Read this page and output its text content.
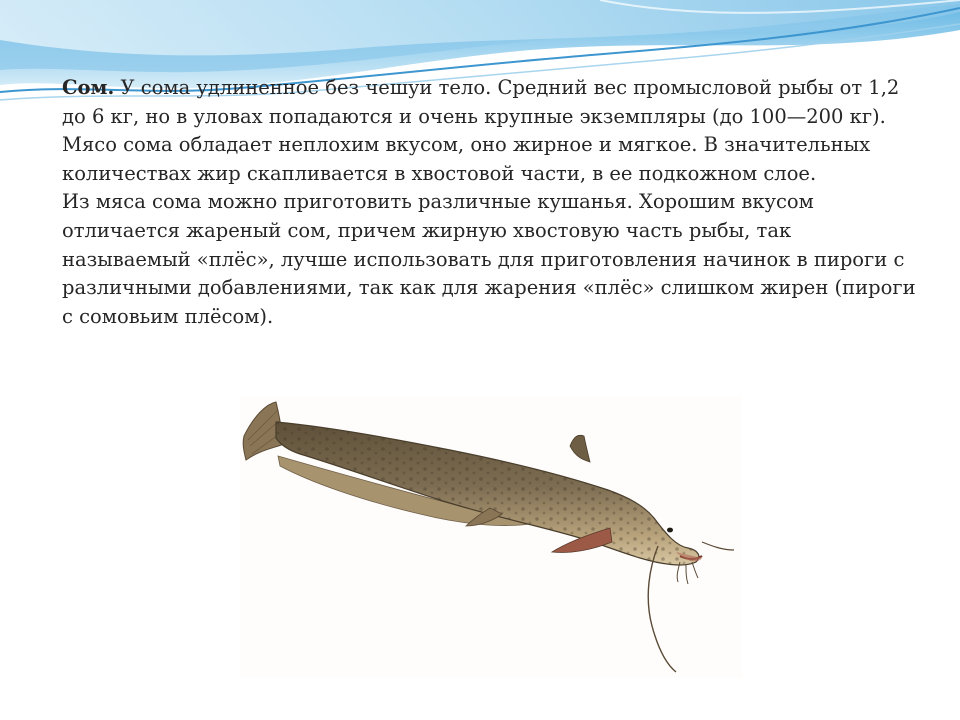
Сом. У сома удлиненное без чешуи тело. Средний вес промысловой рыбы от 1,2 до 6 кг, но в уловах попадаются и очень крупные экземпляры (до 100—200 кг).

Мясо сома обладает неплохим вкусом, оно жирное и мягкое. В значительных количествах жир скапливается в хвостовой части, в ее подкожном слое.

Из мяса сома можно приготовить различные кушанья. Хорошим вкусом отличается жареный сом, причем жирную хвостовую часть рыбы, так называемый «плёс», лучше использовать для приготовления начинок в пироги с различными добавлениями, так как для жарения «плёс» слишком жирен (пироги с сомовьим плёсом).
